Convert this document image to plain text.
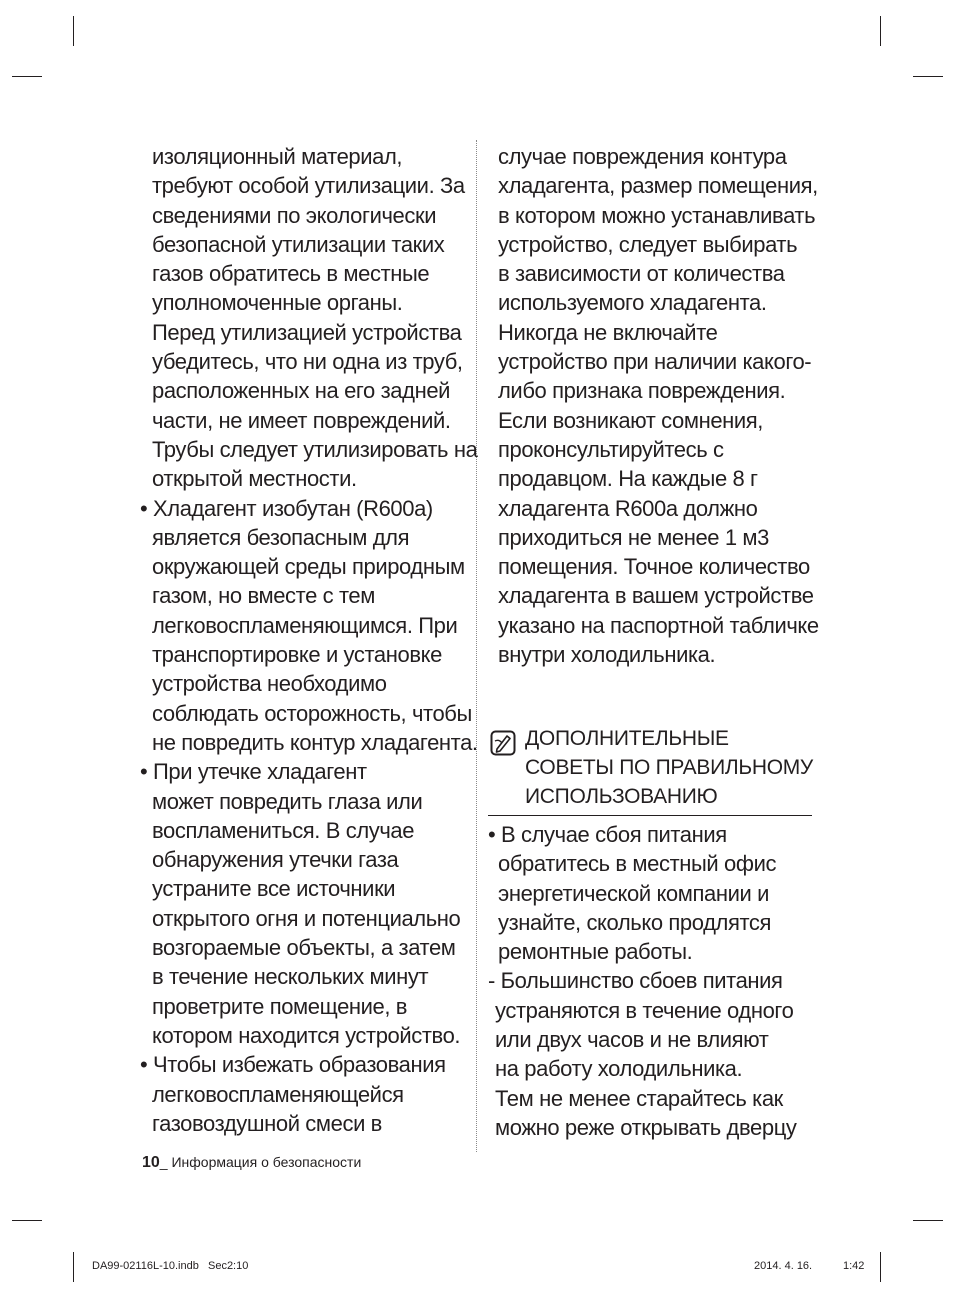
изоляционный материал,
требуют особой утилизации. За
сведениями по экологически
безопасной утилизации таких
газов обратитесь в местные
уполномоченные органы.
Перед утилизацией устройства
убедитесь, что ни одна из труб,
расположенных на его задней
части, не имеет повреждений.
Трубы следует утилизировать на
открытой местности.
• Хладагент изобутан (R600a)
является безопасным для
окружающей среды природным
газом, но вместе с тем
легковоспламеняющимся. При
транспортировке и установке
устройства необходимо
соблюдать осторожность, чтобы
не повредить контур хладагента.
• При утечке хладагент
может повредить глаза или
воспламениться. В случае
обнаружения утечки газа
устраните все источники
открытого огня и потенциально
возгораемые объекты, а затем
в течение нескольких минут
проветрите помещение, в
котором находится устройство.
• Чтобы избежать образования
легковоспламеняющейся
газовоздушной смеси в
случае повреждения контура
хладагента, размер помещения,
в котором можно устанавливать
устройство, следует выбирать
в зависимости от количества
используемого хладагента.
Никогда не включайте
устройство при наличии какого-
либо признака повреждения.
Если возникают сомнения,
проконсультируйтесь с
продавцом. На каждые 8 г
хладагента R600a должно
приходиться не менее 1 м3
помещения. Точное количество
хладагента в вашем устройстве
указано на паспортной табличке
внутри холодильника.
ДОПОЛНИТЕЛЬНЫЕ
СОВЕТЫ ПО ПРАВИЛЬНОМУ
ИСПОЛЬЗОВАНИЮ
• В случае сбоя питания
обратитесь в местный офис
энергетической компании и
узнайте, сколько продлятся
ремонтные работы.
- Большинство сбоев питания
устраняются в течение одного
или двух часов и не влияют
на работу холодильника.
Тем не менее старайтесь как
можно реже открывать дверцу
10_ Информация о безопасности
DA99-02116L-10.indb   Sec2:10	2014. 4. 16.	1:42
